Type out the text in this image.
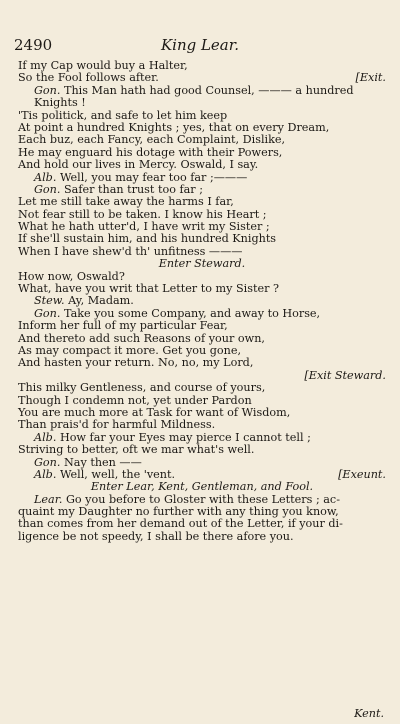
2490	King Lear.
If my Cap would buy a Halter,
So the Fool follows after.	[Exit.
Gon. This Man hath had good Counsel, ——— a hundred
Knights !
'Tis politick, and safe to let him keep
At point a hundred Knights ; yes, that on every Dream,
Each buz, each Fancy, each Complaint, Dislike,
He may enguard his dotage with their Powers,
And hold our lives in Mercy. Oswald, I say.
Alb. Well, you may fear too far ;———
Gon. Safer than trust too far ;
Let me still take away the harms I far,
Not fear still to be taken. I know his Heart ;
What he hath utter'd, I have writ my Sister ;
If she'll sustain him, and his hundred Knights
When I have shew'd th' unfitness ———
Enter Steward.
How now, Oswald?
What, have you writ that Letter to my Sister ?
Stew. Ay, Madam.
Gon. Take you some Company, and away to Horse,
Inform her full of my particular Fear,
And thereto add such Reasons of your own,
As may compact it more. Get you gone,
And hasten your return. No, no, my Lord,
[Exit Steward.
This milky Gentleness, and course of yours,
Though I condemn not, yet under Pardon
You are much more at Task for want of Wisdom,
Than prais'd for harmful Mildness.
Alb. How far your Eyes may pierce I cannot tell ;
Striving to better, oft we mar what's well.
Gon. Nay then ——
Alb. Well, well, the 'vent.	[Exeunt.
Enter Lear, Kent, Gentleman, and Fool.
Lear. Go you before to Gloster with these Letters ; ac-
quaint my Daughter no further with any thing you know,
than comes from her demand out of the Letter, if your di-
ligence be not speedy, I shall be there afore you.
Kent.
